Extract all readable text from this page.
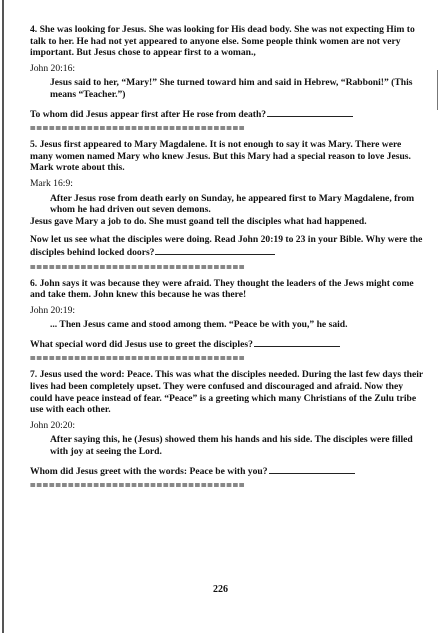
4. She was looking for Jesus. She was looking for His dead body. She was not expecting Him to talk to her. He had not yet appeared to anyone else. Some people think women are not very important. But Jesus chose to appear first to a woman.,

John 20:16:

Jesus said to her, “Mary!” She turned toward him and said in Hebrew, “Rabboni!” (This means “Teacher.”)

To whom did Jesus appear first after He rose from death?

==================================

5. Jesus first appeared to Mary Magdalene. It is not enough to say it was Mary. There were many women named Mary who knew Jesus. But this Mary had a special reason to love Jesus. Mark wrote about this.

Mark 16:9:

After Jesus rose from death early on Sunday, he appeared first to Mary Magdalene, from whom he had driven out seven demons.

Jesus gave Mary a job to do. She must goand tell the disciples what had happened.

Now let us see what the disciples were doing. Read John 20:19 to 23 in your Bible. Why were the disciples behind locked doors?

==================================

6. John says it was because they were afraid. They thought the leaders of the Jews might come and take them. John knew this because he was there!

John 20:19:

... Then Jesus came and stood among them. “Peace be with you,” he said.

What special word did Jesus use to greet the disciples?

==================================

7. Jesus used the word: Peace. This was what the disciples needed. During the last few days their lives had been completely upset. They were confused and discouraged and afraid. Now they could have peace instead of fear. “Peace” is a greeting which many Christians of the Zulu tribe use with each other.

John 20:20:

After saying this, he (Jesus) showed them his hands and his side. The disciples were filled with joy at seeing the Lord.

Whom did Jesus greet with the words: Peace be with you?

==================================
226
